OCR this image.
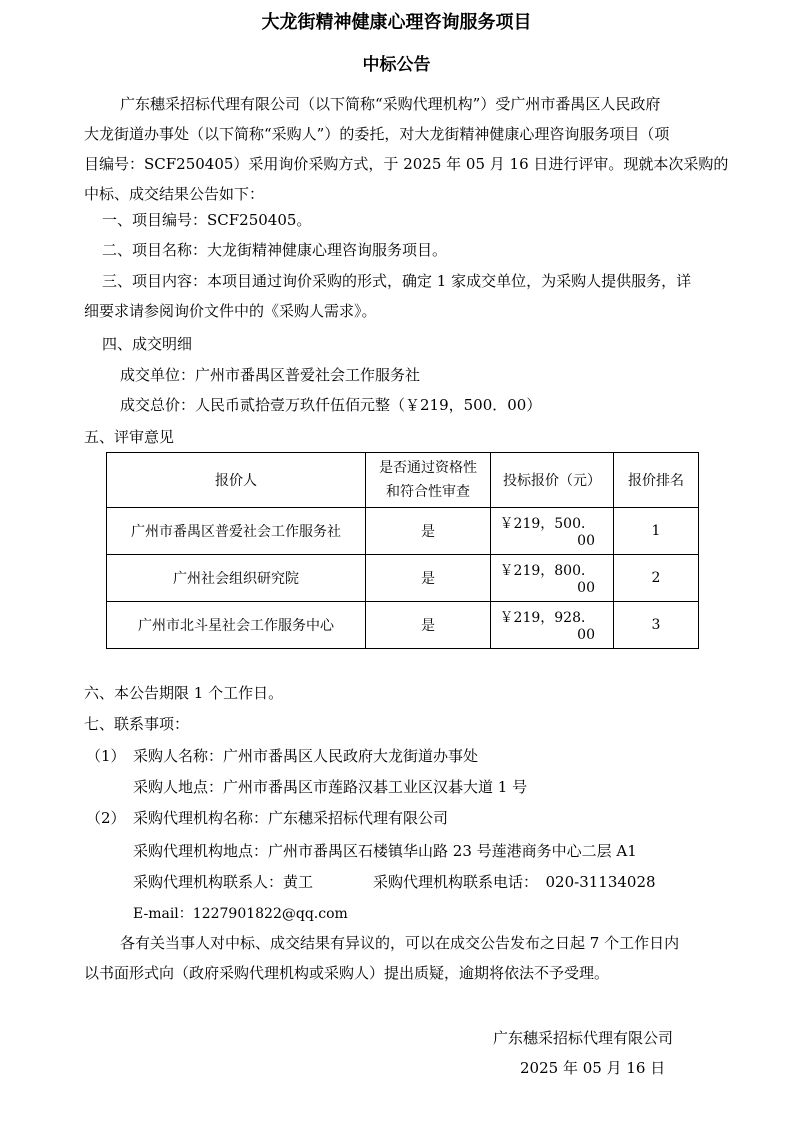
大龙街精神健康心理咨询服务项目
中标公告
广东穗采招标代理有限公司（以下简称“采购代理机构”）受广州市番禺区人民政府
大龙街道办事处（以下简称“采购人”）的委托，对大龙街精神健康心理咨询服务项目（项
目编号：SCF250405）采用询价采购方式，于 2025 年 05 月 16 日进行评审。现就本次采购的
中标、成交结果公告如下：
一、项目编号：SCF250405。
二、项目名称：大龙街精神健康心理咨询服务项目。
三、项目内容：本项目通过询价采购的形式，确定 1 家成交单位，为采购人提供服务，详
细要求请参阅询价文件中的《采购人需求》。
四、成交明细
成交单位：广州市番禺区普爱社会工作服务社
成交总价：人民币贰拾壹万玖仟伍佰元整（￥219，500．00）
五、评审意见
报价人	是否通过资格性
和符合性审查	投标报价（元）	报价排名
广州市番禺区普爱社会工作服务社	是	￥219，500．00	1
广州社会组织研究院	是	￥219，800．00	2
广州市北斗星社会工作服务中心	是	￥219，928．00	3
六、本公告期限 1 个工作日。
七、联系事项：
（1） 采购人名称：广州市番禺区人民政府大龙街道办事处
采购人地点：广州市番禺区市莲路汉碁工业区汉碁大道 1 号
（2） 采购代理机构名称：广东穗采招标代理有限公司
采购代理机构地点：广州市番禺区石楼镇华山路 23 号莲港商务中心二层 A1
采购代理机构联系人：黄工	采购代理机构联系电话：　020-31134028
E-mail：1227901822@qq.com
各有关当事人对中标、成交结果有异议的，可以在成交公告发布之日起 7 个工作日内
以书面形式向（政府采购代理机构或采购人）提出质疑，逾期将依法不予受理。
广东穗采招标代理有限公司
2025 年 05 月 16 日
